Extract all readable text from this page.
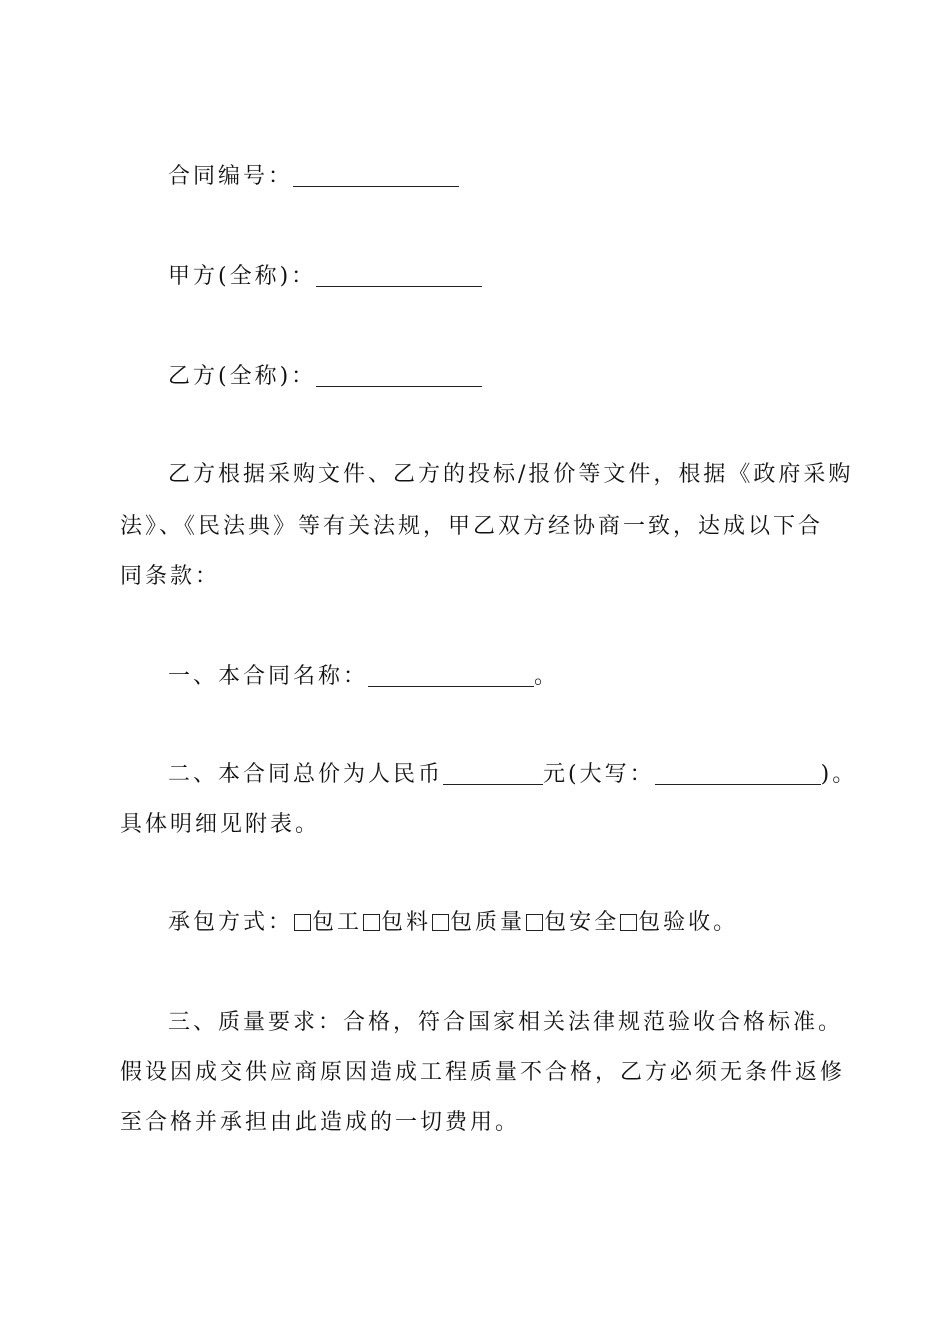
合同编号：
甲方(全称)：
乙方(全称)：
乙方根据采购文件、乙方的投标/报价等文件，根据《政府采购
法》、《民法典》等有关法规，甲乙双方经协商一致，达成以下合
同条款：
一、本合同名称：	。
二、本合同总价为人民币	元(大写：	)。
具体明细见附表。
承包方式： 包工 包料 包质量 包安全 包验收。
三、质量要求：合格，符合国家相关法律规范验收合格标准。
假设因成交供应商原因造成工程质量不合格，乙方必须无条件返修
至合格并承担由此造成的一切费用。
